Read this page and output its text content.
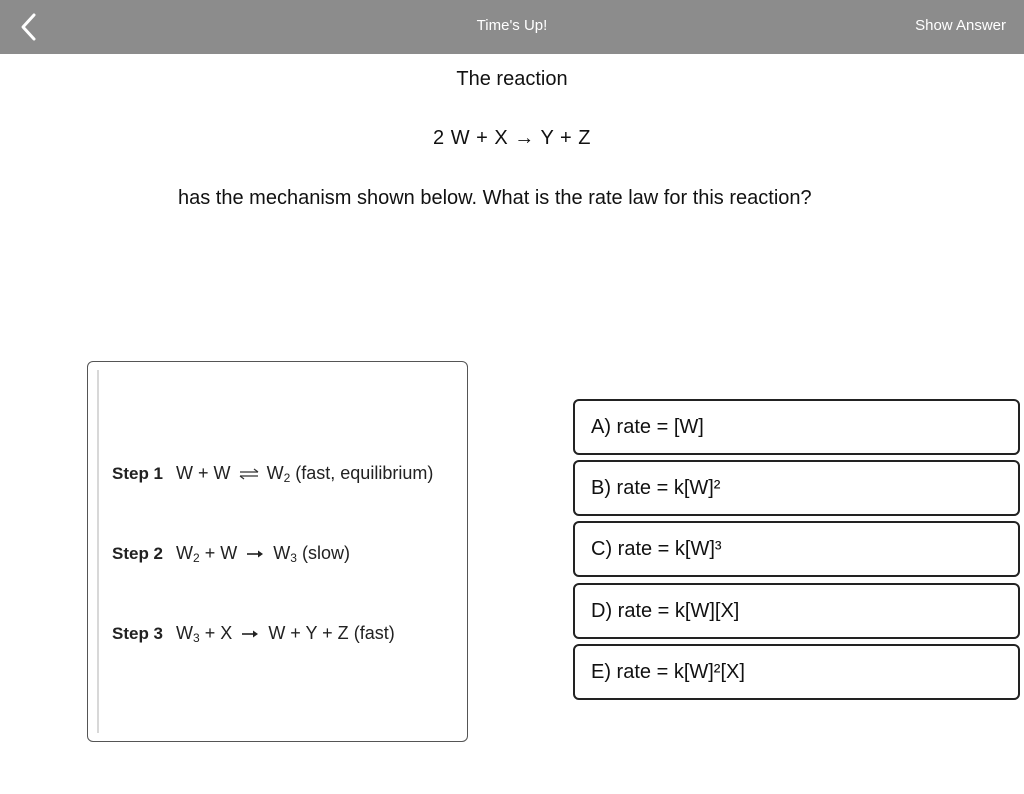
Time's Up!	Show Answer
The reaction
2 W + X → Y + Z
has the mechanism shown below. What is the rate law for this reaction?
Step 1 W + W ⇌ $W_2$ (fast, equilibrium)
Step 2 $W_2 + W$ $W_3$ (slow)
Step 3 $W_3 + X$ W + Y + Z (fast)
A) rate = [W]
B) rate = k[W]²
C) rate = k[W]³
D) rate = k[W][X]
E) rate = k[W]²[X]
